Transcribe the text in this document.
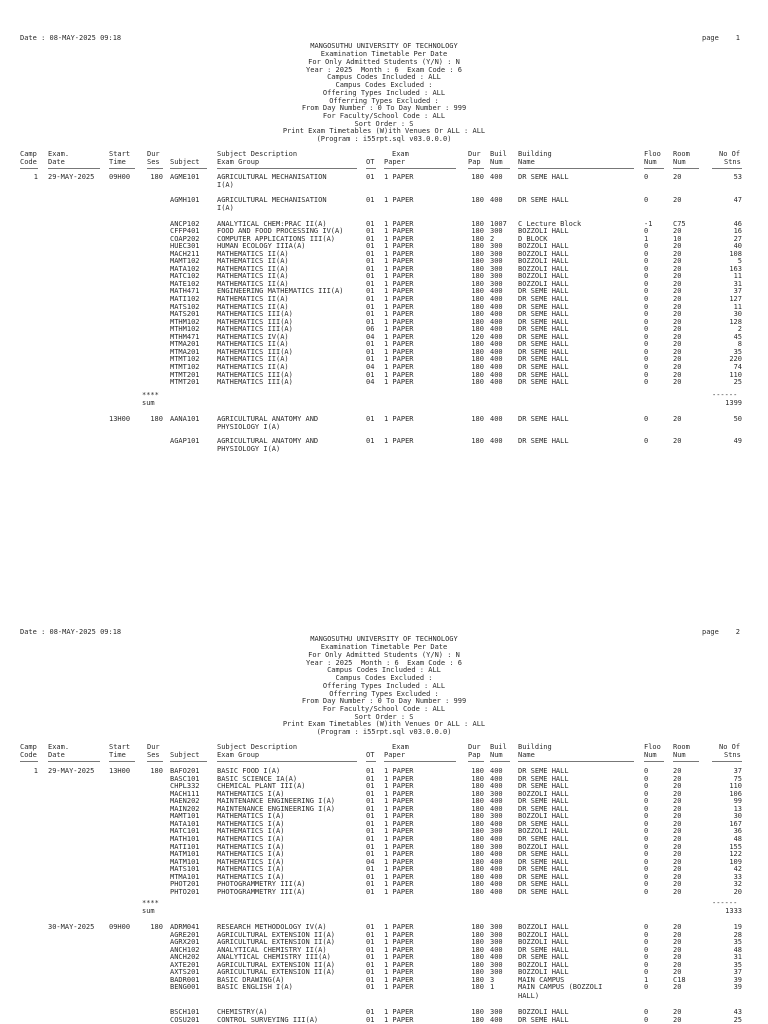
Date : 08-MAY-2025 09:18	page    1
MANGOSUTHU UNIVERSITY OF TECHNOLOGY
Examination Timetable Per Date
For Only Admitted Students (Y/N) : N
Year : 2025  Month : 6  Exam Code : 6
Campus Codes Included : ALL
Campus Codes Excluded :
Offering Types Included : ALL
Offerring Types Excluded :
From Day Number : 0 To Day Number : 999
For Faculty/School Code : ALL
Sort Order : S
Print Exam Timetables (W)ith Venues Or ALL : ALL
(Program : i55rpt.sql v03.0.0.0)
Camp Exam.	Start Dur	Subject Description	Exam	Dur Buil Building	Floo Room	No Of
Code Date	Time	Ses Subject Exam Group	OT Paper	Pap Num Name	Num Num	Stns
1 29-MAY-2025 09H00	180 AGME101 AGRICULTURAL MECHANISATION	01 1 PAPER	180 400 DR SEME HALL	0	20	53
I(A)
AGMH101 AGRICULTURAL MECHANISATION	01 1 PAPER	180 400 DR SEME HALL	0	20	47
I(A)
ANCP102 ANALYTICAL CHEM:PRAC II(A)	01 1 PAPER	180 1007 C Lecture Block	-1	C75	46
CFFP401 FOOD AND FOOD PROCESSING IV(A)	01 1 PAPER	180 300 BOZZOLI HALL	0	20	16
COAP202 COMPUTER APPLICATIONS III(A)	01 1 PAPER	180 2	D BLOCK	1	10	27
HUEC301 HUMAN ECOLOGY IIIA(A)	01 1 PAPER	180 300 BOZZOLI HALL	0	20	40
MACH211 MATHEMATICS II(A)	01 1 PAPER	180 300 BOZZOLI HALL	0	20	108
MAMT102 MATHEMATICS II(A)	01 1 PAPER	180 300 BOZZOLI HALL	0	20	5
MATA102 MATHEMATICS II(A)	01 1 PAPER	180 300 BOZZOLI HALL	0	20	163
MATC102 MATHEMATICS II(A)	01 1 PAPER	180 300 BOZZOLI HALL	0	20	11
MATE102 MATHEMATICS II(A)	01 1 PAPER	180 300 BOZZOLI HALL	0	20	31
MATH471 ENGINEERING MATHEMATICS III(A)	01 1 PAPER	180 400 DR SEME HALL	0	20	37
MATI102 MATHEMATICS II(A)	01 1 PAPER	180 400 DR SEME HALL	0	20	127
MATS102 MATHEMATICS II(A)	01 1 PAPER	180 400 DR SEME HALL	0	20	11
MATS201 MATHEMATICS III(A)	01 1 PAPER	180 400 DR SEME HALL	0	20	30
MTHM102 MATHEMATICS III(A)	01 1 PAPER	180 400 DR SEME HALL	0	20	128
MTHM102 MATHEMATICS III(A)	06 1 PAPER	180 400 DR SEME HALL	0	20	2
MTHM471 MATHEMATICS IV(A)	04 1 PAPER	120 400 DR SEME HALL	0	20	45
MTMA201 MATHEMATICS II(A)	01 1 PAPER	180 400 DR SEME HALL	0	20	8
MTMA201 MATHEMATICS III(A)	01 1 PAPER	180 400 DR SEME HALL	0	20	35
MTMT102 MATHEMATICS II(A)	01 1 PAPER	180 400 DR SEME HALL	0	20	220
MTMT102 MATHEMATICS II(A)	04 1 PAPER	180 400 DR SEME HALL	0	20	74
MTMT201 MATHEMATICS III(A)	01 1 PAPER	180 400 DR SEME HALL	0	20	110
MTMT201 MATHEMATICS III(A)	04 1 PAPER	180 400 DR SEME HALL	0	20	25
****	------
sum	1399
13H00	180 AANA101 AGRICULTURAL ANATOMY AND	01 1 PAPER	180 400 DR SEME HALL	0	20	50
PHYSIOLOGY I(A)
AGAP101 AGRICULTURAL ANATOMY AND	01 1 PAPER	180 400 DR SEME HALL	0	20	49
PHYSIOLOGY I(A)
Date : 08-MAY-2025 09:18	page    2
MANGOSUTHU UNIVERSITY OF TECHNOLOGY
Examination Timetable Per Date
For Only Admitted Students (Y/N) : N
Year : 2025  Month : 6  Exam Code : 6
Campus Codes Included : ALL
Campus Codes Excluded :
Offering Types Included : ALL
Offerring Types Excluded :
From Day Number : 0 To Day Number : 999
For Faculty/School Code : ALL
Sort Order : S
Print Exam Timetables (W)ith Venues Or ALL : ALL
(Program : i55rpt.sql v03.0.0.0)
Camp Exam.	Start Dur	Subject Description	Exam	Dur Buil Building	Floo Room	No Of
Code Date	Time	Ses Subject Exam Group	OT Paper	Pap Num Name	Num Num	Stns
1 29-MAY-2025 13H00	180 BAFO201 BASIC FOOD I(A)	01 1 PAPER	180 400 DR SEME HALL	0	20	37
BASC101 BASIC SCIENCE IA(A)	01 1 PAPER	180 400 DR SEME HALL	0	20	75
CHPL332 CHEMICAL PLANT III(A)	01 1 PAPER	180 400 DR SEME HALL	0	20	110
MACH111 MATHEMATICS I(A)	01 1 PAPER	180 300 BOZZOLI HALL	0	20	106
MAEN202 MAINTENANCE ENGINEERING I(A)	01 1 PAPER	180 400 DR SEME HALL	0	20	99
MAIN202 MAINTENANCE ENGINEERING I(A)	01 1 PAPER	180 400 DR SEME HALL	0	20	13
MAMT101 MATHEMATICS I(A)	01 1 PAPER	180 300 BOZZOLI HALL	0	20	30
MATA101 MATHEMATICS I(A)	01 1 PAPER	180 400 DR SEME HALL	0	20	167
MATC101 MATHEMATICS I(A)	01 1 PAPER	180 300 BOZZOLI HALL	0	20	36
MATH101 MATHEMATICS I(A)	01 1 PAPER	180 400 DR SEME HALL	0	20	48
MATI101 MATHEMATICS I(A)	01 1 PAPER	180 300 BOZZOLI HALL	0	20	155
MATM101 MATHEMATICS I(A)	01 1 PAPER	180 400 DR SEME HALL	0	20	122
MATM101 MATHEMATICS I(A)	04 1 PAPER	180 400 DR SEME HALL	0	20	109
MATS101 MATHEMATICS I(A)	01 1 PAPER	180 400 DR SEME HALL	0	20	42
MTMA101 MATHEMATICS I(A)	01 1 PAPER	180 400 DR SEME HALL	0	20	33
PHOT201 PHOTOGRAMMETRY III(A)	01 1 PAPER	180 400 DR SEME HALL	0	20	32
PHTO201 PHOTOGRAMMETRY III(A)	01 1 PAPER	180 400 DR SEME HALL	0	20	20
****	------
sum	1333
30-MAY-2025 09H00	180 ADRM041 RESEARCH METHODOLOGY IV(A)	01 1 PAPER	180 300 BOZZOLI HALL	0	20	19
AGRE201 AGRICULTURAL EXTENSION II(A)	01 1 PAPER	180 300 BOZZOLI HALL	0	20	28
AGRX201 AGRICULTURAL EXTENSION II(A)	01 1 PAPER	180 300 BOZZOLI HALL	0	20	35
ANCH102 ANALYTICAL CHEMISTRY II(A)	01 1 PAPER	180 400 DR SEME HALL	0	20	48
ANCH202 ANALYTICAL CHEMISTRY III(A)	01 1 PAPER	180 400 DR SEME HALL	0	20	31
AXTE201 AGRICULTURAL EXTENSION II(A)	01 1 PAPER	180 300 BOZZOLI HALL	0	20	35
AXTS201 AGRICULTURAL EXTENSION II(A)	01 1 PAPER	180 300 BOZZOLI HALL	0	20	37
BADR001 BASIC DRAWING(A)	01 1 PAPER	180 3	MAIN CAMPUS	1	C18	39
BENG001 BASIC ENGLISH I(A)	01 1 PAPER	180 1	MAIN CAMPUS (BOZZOLI	0	20	39
HALL)
BSCH101 CHEMISTRY(A)	01 1 PAPER	180 300 BOZZOLI HALL	0	20	43
COSU201 CONTROL SURVEYING III(A)	01 1 PAPER	180 400 DR SEME HALL	0	20	25
